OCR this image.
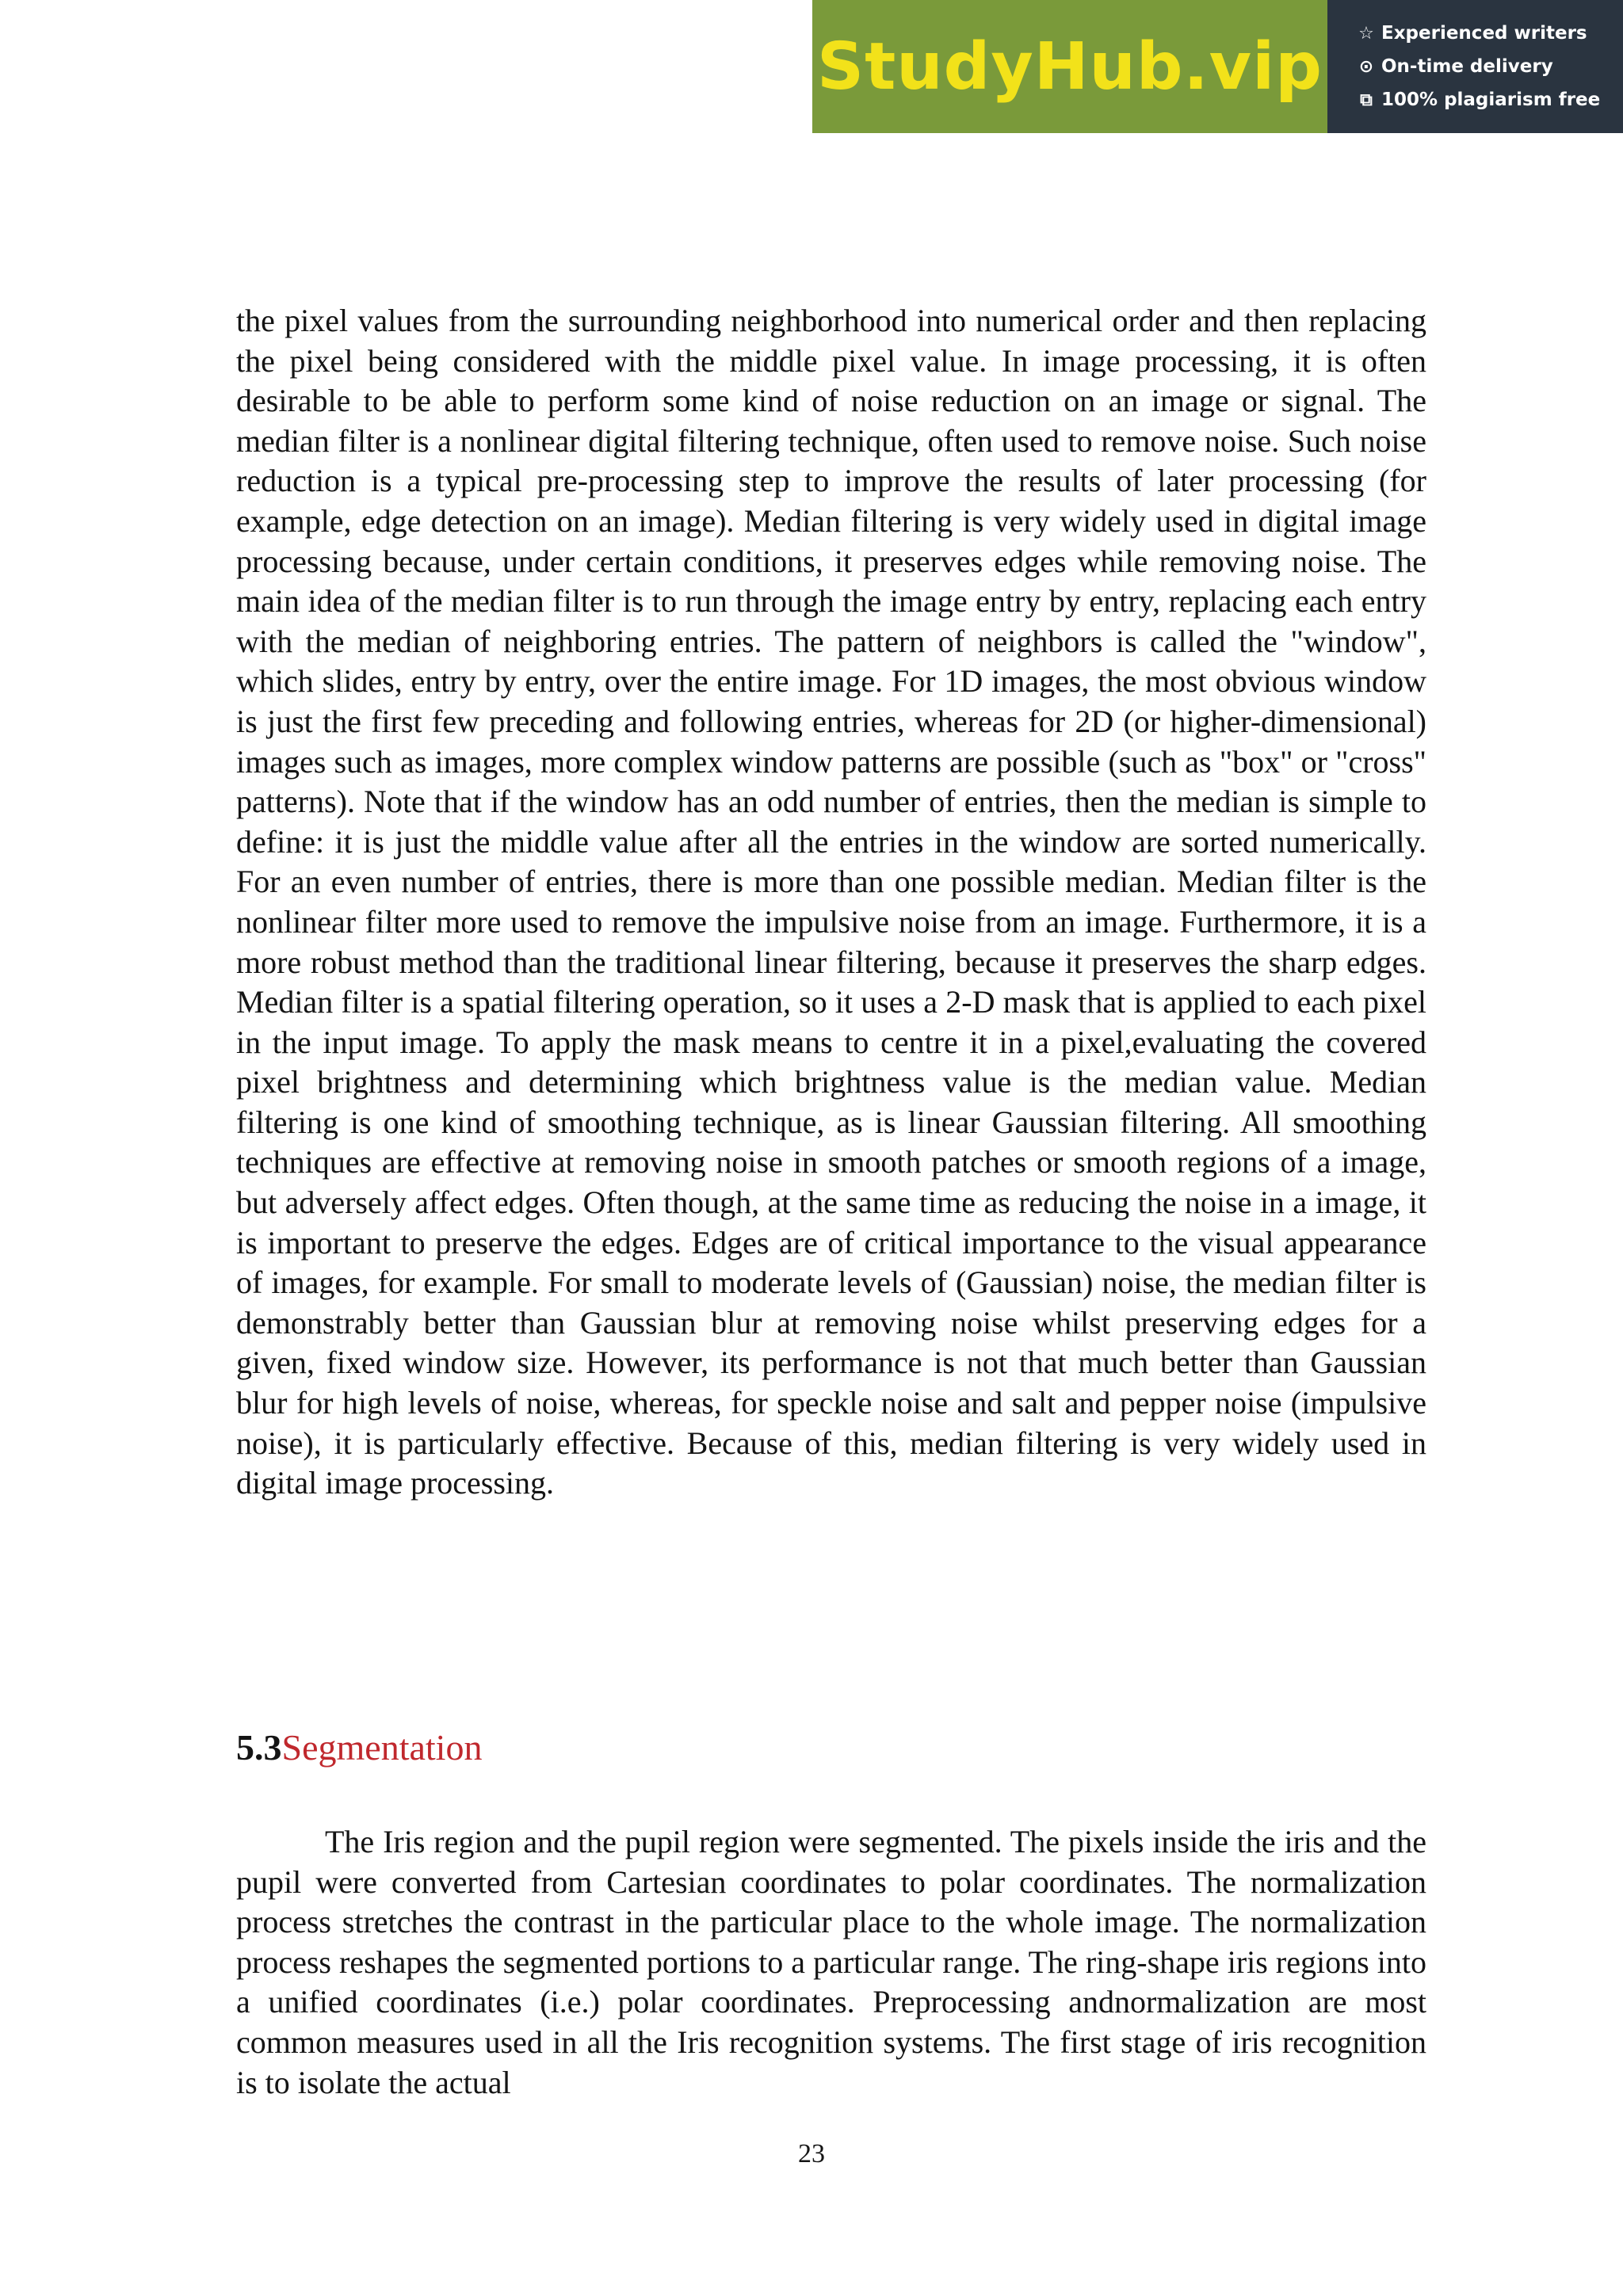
StudyHub.vip ☆ Experienced writers
⊙ On-time delivery
⧉ 100% plagiarism free

the pixel values from the surrounding neighborhood into numerical order and then replacing the pixel being considered with the middle pixel value. In image processing, it is often desirable to be able to perform some kind of noise reduction on an image or signal. The median filter is a nonlinear digital filtering technique, often used to remove noise. Such noise reduction is a typical pre-processing step to improve the results of later processing (for example, edge detection on an image). Median filtering is very widely used in digital image processing because, under certain conditions, it preserves edges while removing noise. The main idea of the median filter is to run through the image entry by entry, replacing each entry with the median of neighboring entries. The pattern of neighbors is called the "window", which slides, entry by entry, over the entire image. For 1D images, the most obvious window is just the first few preceding and following entries, whereas for 2D (or higher-dimensional) images such as images, more complex window patterns are possible (such as "box" or "cross" patterns). Note that if the window has an odd number of entries, then the median is simple to define: it is just the middle value after all the entries in the window are sorted numerically. For an even number of entries, there is more than one possible median. Median filter is the nonlinear filter more used to remove the impulsive noise from an image. Furthermore, it is a more robust method than the traditional linear filtering, because it preserves the sharp edges. Median filter is a spatial filtering operation, so it uses a 2-D mask that is applied to each pixel in the input image. To apply the mask means to centre it in a pixel,evaluating the covered pixel brightness and determining which brightness value is the median value. Median filtering is one kind of smoothing technique, as is linear Gaussian filtering. All smoothing techniques are effective at removing noise in smooth patches or smooth regions of a image, but adversely affect edges. Often though, at the same time as reducing the noise in a image, it is important to preserve the edges. Edges are of critical importance to the visual appearance of images, for example. For small to moderate levels of (Gaussian) noise, the median filter is demonstrably better than Gaussian blur at removing noise whilst preserving edges for a given, fixed window size. However, its performance is not that much better than Gaussian blur for high levels of noise, whereas, for speckle noise and salt and pepper noise (impulsive noise), it is particularly effective. Because of this, median filtering is very widely used in digital image processing.

5.3Segmentation

The Iris region and the pupil region were segmented. The pixels inside the iris and the pupil were converted from Cartesian coordinates to polar coordinates. The normalization process stretches the contrast in the particular place to the whole image. The normalization process reshapes the segmented portions to a particular range. The ring-shape iris regions into a unified coordinates (i.e.) polar coordinates. Preprocessing andnormalization are most common measures used in all the Iris recognition systems. The first stage of iris recognition is to isolate the actual

23
